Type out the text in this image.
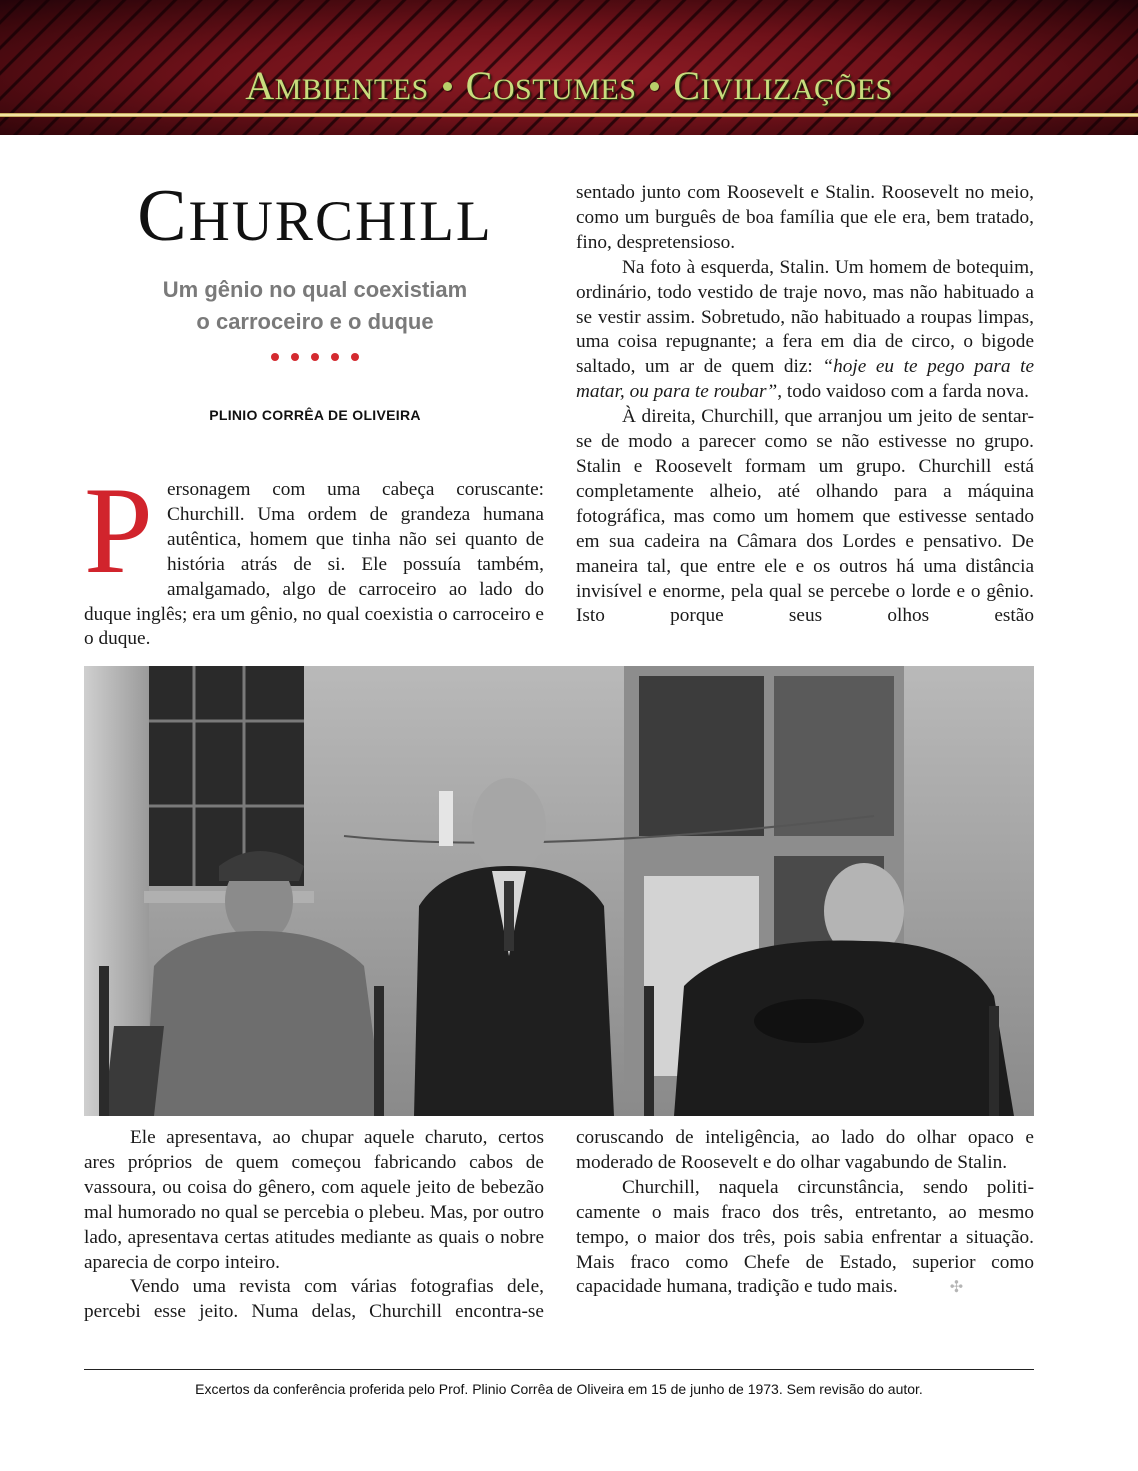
AMBIENTES COSTUMES CIVILIZAÇÕES
CHURCHILL
Um gênio no qual coexistiam
o carroceiro e o duque
PLINIO CORRÊA DE OLIVEIRA

Personagem com uma cabeça coruscante: Churchill. Uma ordem de grandeza humana autêntica, homem que tinha não sei quanto de história atrás de si. Ele possuía também, amalgamado, algo de carroceiro ao lado do duque inglês; era um gênio, no qual coexistia o carroceiro e o duque.

sentado junto com Roosevelt e Stalin. Roosevelt no meio, como um burguês de boa família que ele era, bem tratado, fino, despretensioso.

Na foto à esquerda, Stalin. Um homem de botequim, ordinário, todo vestido de traje novo, mas não habituado a se vestir assim. Sobretudo, não habituado a roupas limpas, uma coisa repugnante; a fera em dia de circo, o bigode saltado, um ar de quem diz: “hoje eu te pego para te matar, ou para te roubar”, todo vaidoso com a farda nova.

À direita, Churchill, que arranjou um jeito de sentar-se de modo a parecer como se não estivesse no grupo. Stalin e Roosevelt formam um grupo. Churchill está completamente alheio, até olhando para a máquina fotográfica, mas como um homem que estivesse sentado em sua cadeira na Câmara dos Lordes e pensativo. De maneira tal, que entre ele e os outros há uma distância invisível e enorme, pela qual se percebe o lorde e o gênio. Isto porque seus olhos estão

Ele apresentava, ao chupar aquele charuto, certos ares próprios de quem começou fabricando cabos de vassoura, ou coisa do gênero, com aquele jeito de bebezão mal humorado no qual se percebia o plebeu. Mas, por outro lado, apresentava certas atitudes mediante as quais o nobre aparecia de corpo inteiro.

Vendo uma revista com várias fotografias dele, percebi esse jeito. Numa delas, Churchill encontra-se

coruscando de inteligência, ao lado do olhar opaco e moderado de Roosevelt e do olhar vagabundo de Stalin.

Churchill, naquela circunstância, sendo politicamente o mais fraco dos três, entretanto, ao mesmo tempo, o maior dos três, pois sabia enfrentar a situação. Mais fraco como Chefe de Estado, superior como capacidade humana, tradição e tudo mais.	✣

Excertos da conferência proferida pelo Prof. Plinio Corrêa de Oliveira em 15 de junho de 1973. Sem revisão do autor.
